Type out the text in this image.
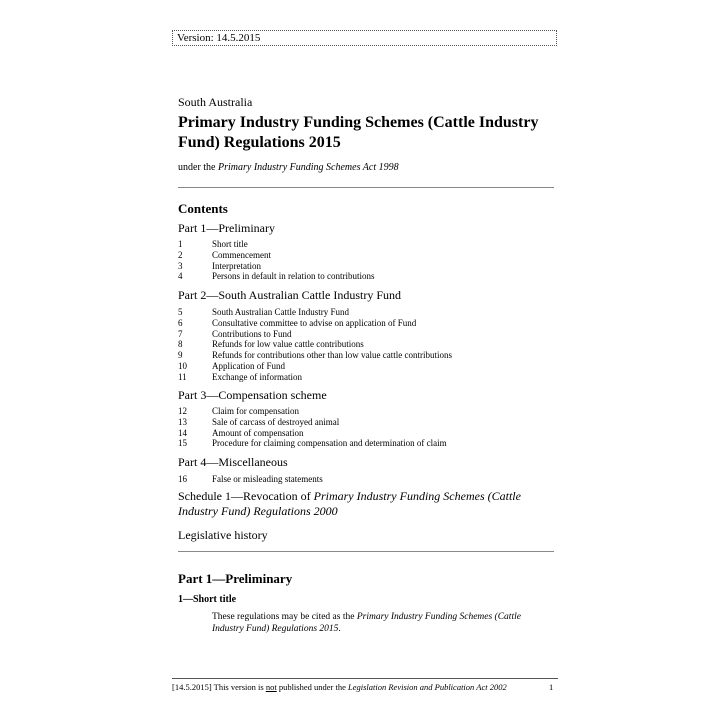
Version: 14.5.2015
South Australia
Primary Industry Funding Schemes (Cattle Industry Fund) Regulations 2015
under the Primary Industry Funding Schemes Act 1998
Contents
Part 1—Preliminary
1	Short title
2	Commencement
3	Interpretation
4	Persons in default in relation to contributions
Part 2—South Australian Cattle Industry Fund
5	South Australian Cattle Industry Fund
6	Consultative committee to advise on application of Fund
7	Contributions to Fund
8	Refunds for low value cattle contributions
9	Refunds for contributions other than low value cattle contributions
10	Application of Fund
11	Exchange of information
Part 3—Compensation scheme
12	Claim for compensation
13	Sale of carcass of destroyed animal
14	Amount of compensation
15	Procedure for claiming compensation and determination of claim
Part 4—Miscellaneous
16	False or misleading statements
Schedule 1—Revocation of Primary Industry Funding Schemes (Cattle Industry Fund) Regulations 2000
Legislative history
Part 1—Preliminary
1—Short title

These regulations may be cited as the Primary Industry Funding Schemes (Cattle Industry Fund) Regulations 2015.

[14.5.2015] This version is not published under the Legislation Revision and Publication Act 2002	1
